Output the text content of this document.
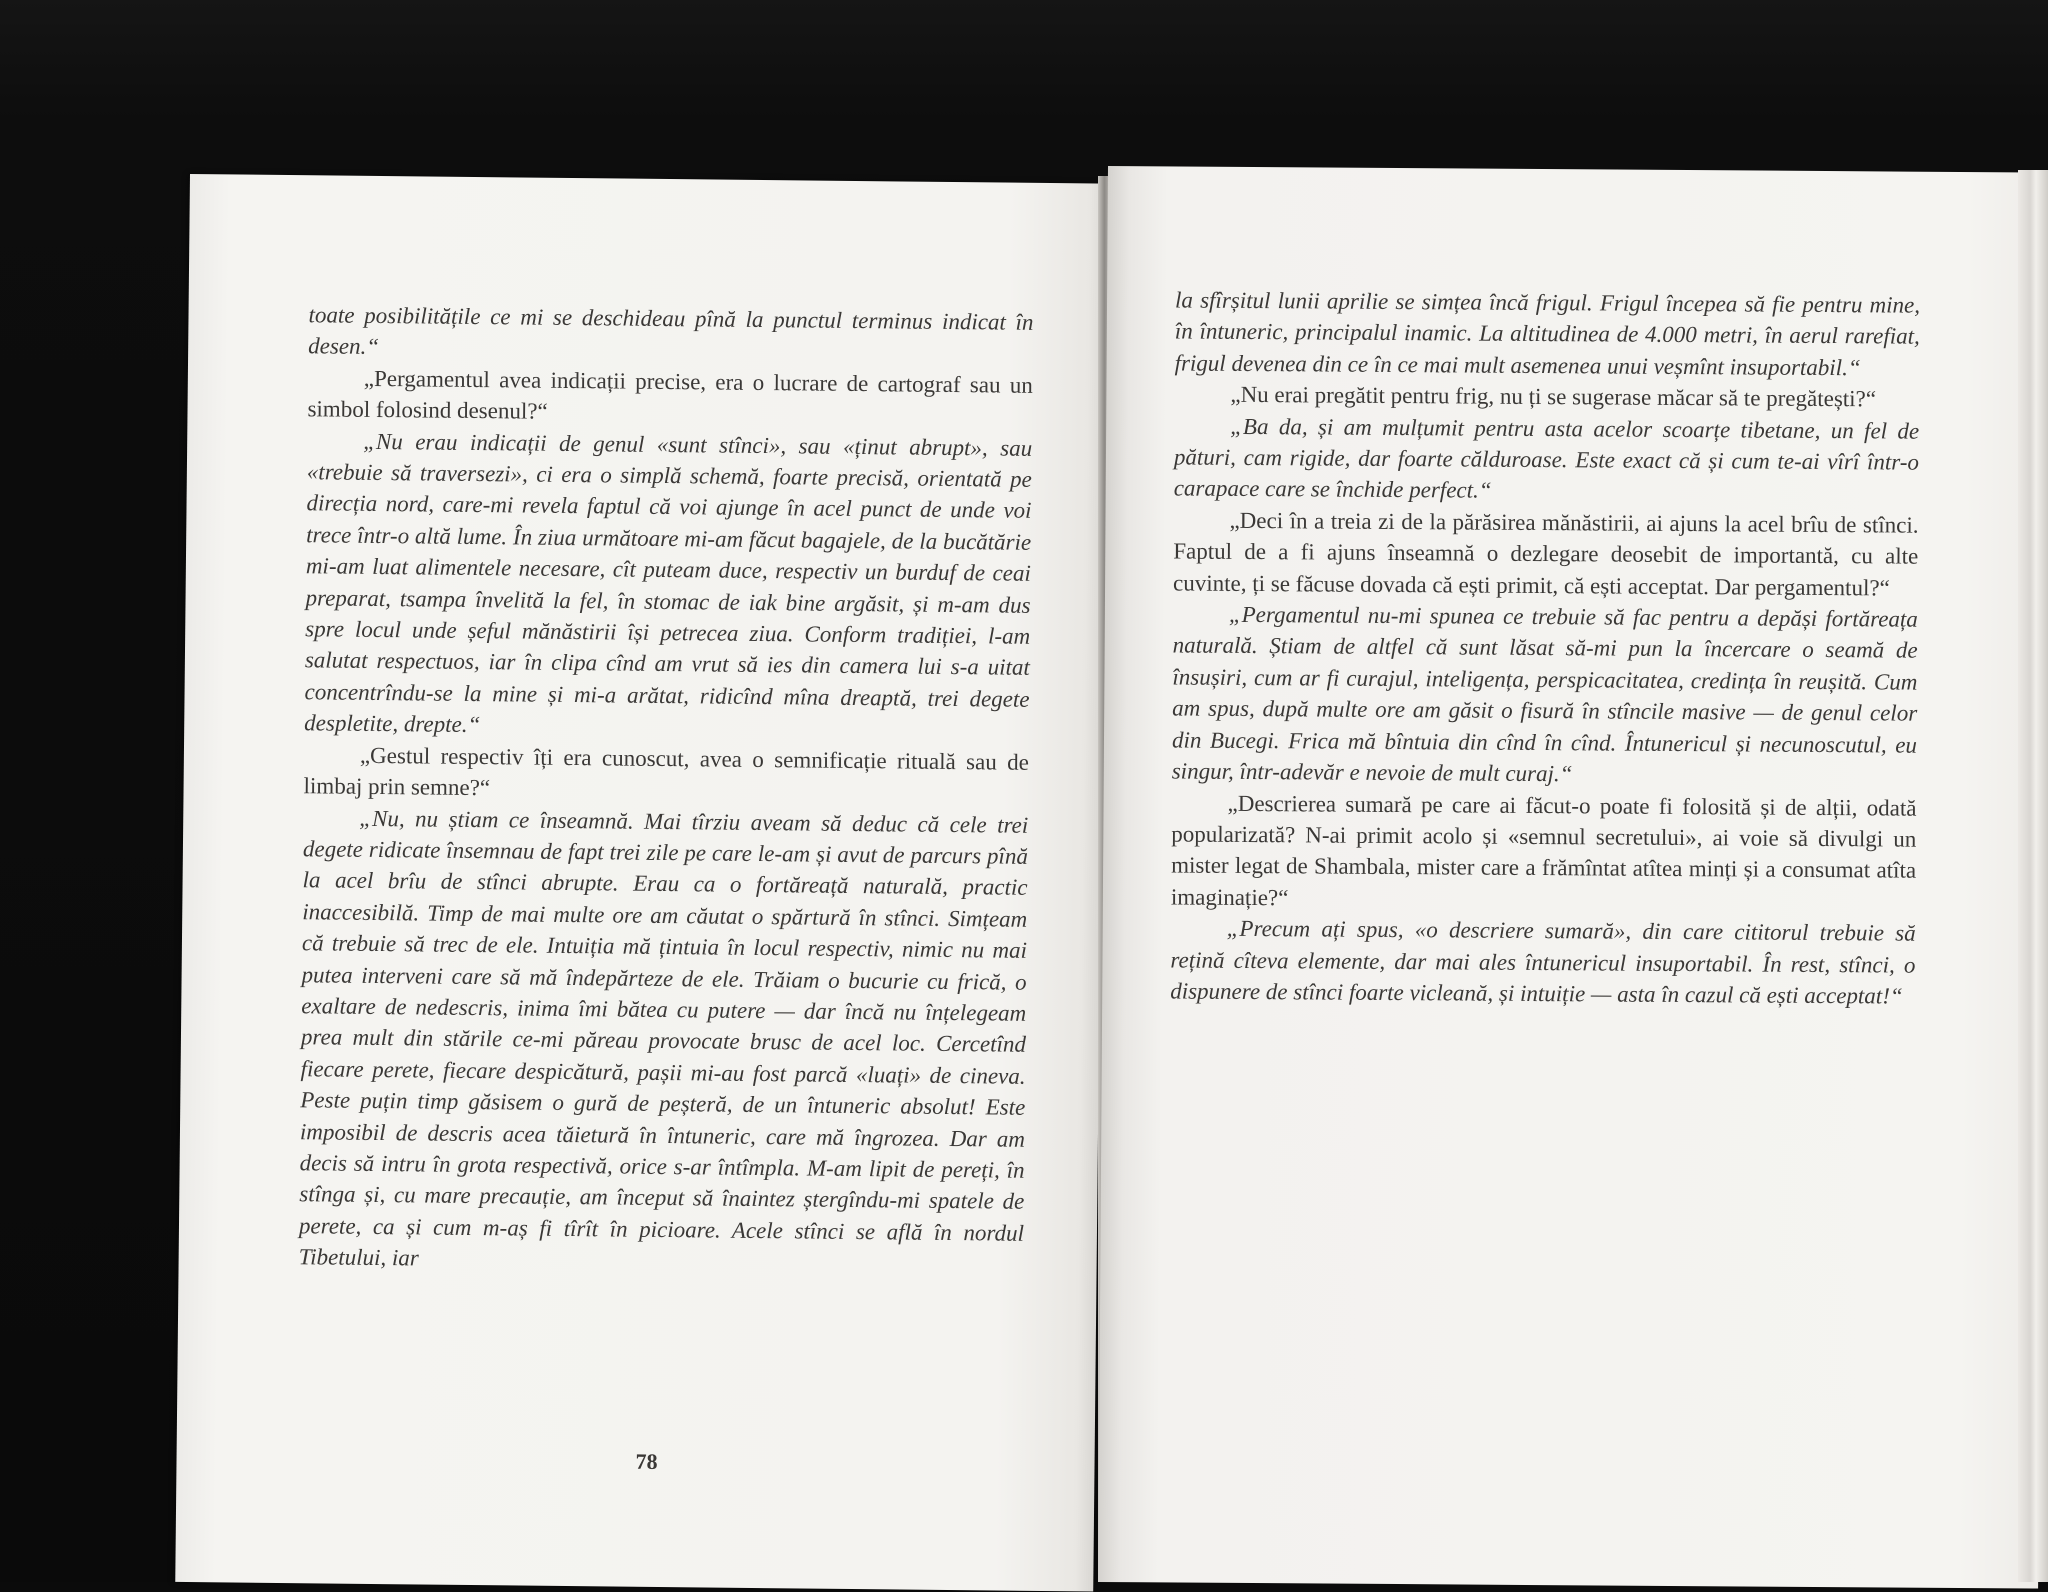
toate posibilitățile ce mi se deschideau pînă la punctul terminus indicat în desen.“

„Pergamentul avea indicații precise, era o lucrare de cartograf sau un simbol folosind desenul?“

„Nu erau indicații de genul «sunt stînci», sau «ținut abrupt», sau «trebuie să traversezi», ci era o simplă schemă, foarte precisă, orientată pe direcția nord, care-mi revela faptul că voi ajunge în acel punct de unde voi trece într-o altă lume. În ziua următoare mi-am făcut bagajele, de la bucătărie mi-am luat alimentele necesare, cît puteam duce, respectiv un burduf de ceai preparat, tsampa învelită la fel, în stomac de iak bine argăsit, și m-am dus spre locul unde șeful mănăstirii își petrecea ziua. Conform tradiției, l-am salutat respectuos, iar în clipa cînd am vrut să ies din camera lui s-a uitat concentrîndu-se la mine și mi-a arătat, ridicînd mîna dreaptă, trei degete despletite, drepte.“

„Gestul respectiv îți era cunoscut, avea o semnificație rituală sau de limbaj prin semne?“

„Nu, nu știam ce înseamnă. Mai tîrziu aveam să deduc că cele trei degete ridicate însemnau de fapt trei zile pe care le-am și avut de parcurs pînă la acel brîu de stînci abrupte. Erau ca o fortăreață naturală, practic inaccesibilă. Timp de mai multe ore am căutat o spărtură în stînci. Simțeam că trebuie să trec de ele. Intuiția mă țintuia în locul respectiv, nimic nu mai putea interveni care să mă îndepărteze de ele. Trăiam o bucurie cu frică, o exaltare de nedescris, inima îmi bătea cu putere — dar încă nu înțelegeam prea mult din stările ce-mi păreau provocate brusc de acel loc. Cercetînd fiecare perete, fiecare despicătură, pașii mi-au fost parcă «luați» de cineva. Peste puțin timp găsisem o gură de peșteră, de un întuneric absolut! Este imposibil de descris acea tăietură în întuneric, care mă îngrozea. Dar am decis să intru în grota respectivă, orice s-ar întîmpla. M-am lipit de pereți, în stînga și, cu mare precauție, am început să înaintez ștergîndu-mi spatele de perete, ca și cum m-aș fi tîrît în picioare. Acele stînci se află în nordul Tibetului, iar

78

la sfîrșitul lunii aprilie se simțea încă frigul. Frigul începea să fie pentru mine, în întuneric, principalul inamic. La altitudinea de 4.000 metri, în aerul rarefiat, frigul devenea din ce în ce mai mult asemenea unui veșmînt insuportabil.“

„Nu erai pregătit pentru frig, nu ți se sugerase măcar să te pregătești?“

„Ba da, și am mulțumit pentru asta acelor scoarțe tibetane, un fel de pături, cam rigide, dar foarte călduroase. Este exact că și cum te-ai vîrî într-o carapace care se închide perfect.“

„Deci în a treia zi de la părăsirea mănăstirii, ai ajuns la acel brîu de stînci. Faptul de a fi ajuns înseamnă o dezlegare deosebit de importantă, cu alte cuvinte, ți se făcuse dovada că ești primit, că ești acceptat. Dar pergamentul?“

„Pergamentul nu-mi spunea ce trebuie să fac pentru a depăși fortăreața naturală. Știam de altfel că sunt lăsat să-mi pun la încercare o seamă de însușiri, cum ar fi curajul, inteligența, perspicacitatea, credința în reușită. Cum am spus, după multe ore am găsit o fisură în stîncile masive — de genul celor din Bucegi. Frica mă bîntuia din cînd în cînd. Întunericul și necunoscutul, eu singur, într-adevăr e nevoie de mult curaj.“

„Descrierea sumară pe care ai făcut-o poate fi folosită și de alții, odată popularizată? N-ai primit acolo și «semnul secretului», ai voie să divulgi un mister legat de Shambala, mister care a frămîntat atîtea minți și a consumat atîta imaginație?“

„Precum ați spus, «o descriere sumară», din care cititorul trebuie să rețină cîteva elemente, dar mai ales întunericul insuportabil. În rest, stînci, o dispunere de stînci foarte vicleană, și intuiție — asta în cazul că ești acceptat!“
